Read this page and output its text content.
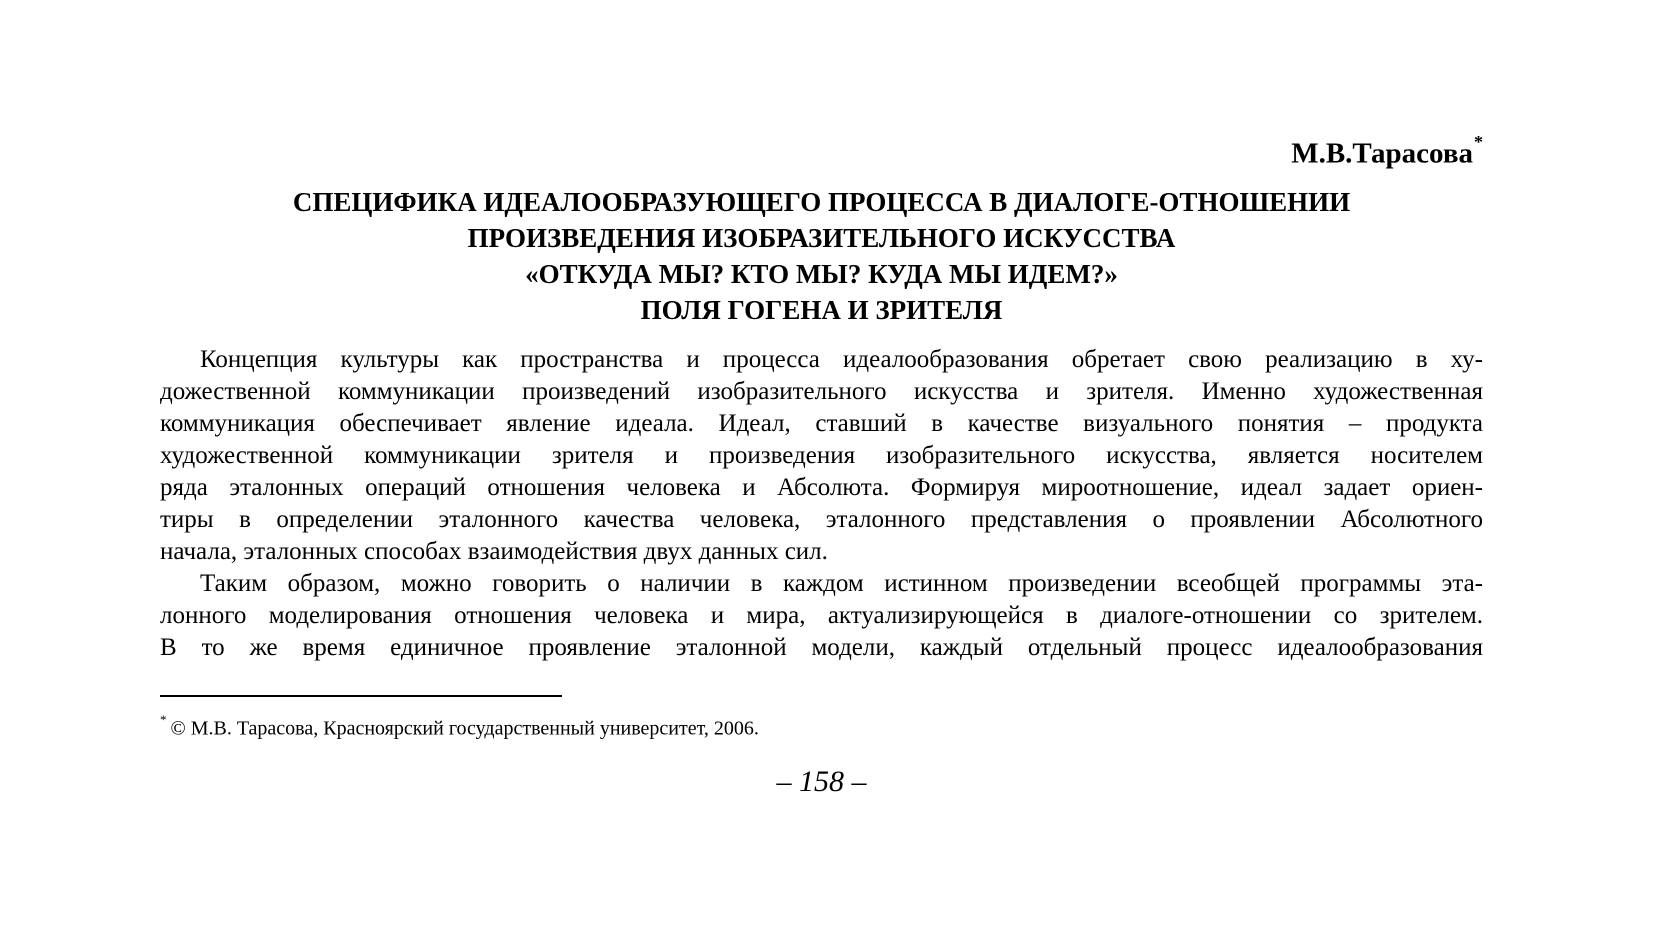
М.В.Тарасова*
СПЕЦИФИКА ИДЕАЛООБРАЗУЮЩЕГО ПРОЦЕССА В ДИАЛОГЕ-ОТНОШЕНИИ
ПРОИЗВЕДЕНИЯ ИЗОБРАЗИТЕЛЬНОГО ИСКУССТВА
«ОТКУДА МЫ? КТО МЫ? КУДА МЫ ИДЕМ?»
ПОЛЯ ГОГЕНА И ЗРИТЕЛЯ
Концепция культуры как пространства и процесса идеалообразования обретает свою реализацию в ху-
дожественной коммуникации произведений изобразительного искусства и зрителя. Именно художественная
коммуникация обеспечивает явление идеала. Идеал, ставший в качестве визуального понятия – продукта
художественной коммуникации зрителя и произведения изобразительного искусства, является носителем
ряда эталонных операций отношения человека и Абсолюта. Формируя мироотношение, идеал задает ориен-
тиры в определении эталонного качества человека, эталонного представления о проявлении Абсолютного
начала, эталонных способах взаимодействия двух данных сил.
Таким образом, можно говорить о наличии в каждом истинном произведении всеобщей программы эта-
лонного моделирования отношения человека и мира, актуализирующейся в диалоге-отношении со зрителем.
В то же время единичное проявление эталонной модели, каждый отдельный процесс идеалообразования
* © М.В. Тарасова, Красноярский государственный университет, 2006.
– 158 –
